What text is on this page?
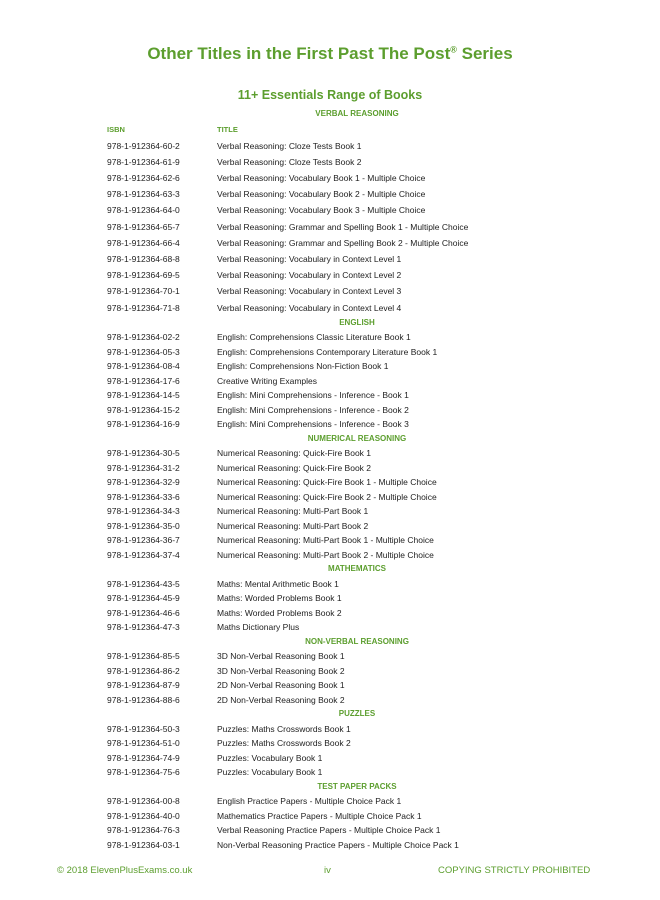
Other Titles in the First Past The Post® Series
11+ Essentials Range of Books
VERBAL REASONING
ISBN	TITLE
978-1-912364-60-2	Verbal Reasoning: Cloze Tests Book 1
978-1-912364-61-9	Verbal Reasoning: Cloze Tests Book 2
978-1-912364-62-6	Verbal Reasoning: Vocabulary Book 1 - Multiple Choice
978-1-912364-63-3	Verbal Reasoning: Vocabulary Book 2 - Multiple Choice
978-1-912364-64-0	Verbal Reasoning: Vocabulary Book 3 - Multiple Choice
978-1-912364-65-7	Verbal Reasoning: Grammar and Spelling Book 1 - Multiple Choice
978-1-912364-66-4	Verbal Reasoning: Grammar and Spelling Book 2 - Multiple Choice
978-1-912364-68-8	Verbal Reasoning: Vocabulary in Context Level 1
978-1-912364-69-5	Verbal Reasoning: Vocabulary in Context Level 2
978-1-912364-70-1	Verbal Reasoning: Vocabulary in Context Level 3
978-1-912364-71-8	Verbal Reasoning: Vocabulary in Context Level 4
ENGLISH
978-1-912364-02-2	English: Comprehensions Classic Literature Book 1
978-1-912364-05-3	English: Comprehensions Contemporary Literature Book 1
978-1-912364-08-4	English: Comprehensions Non-Fiction Book 1
978-1-912364-17-6	Creative Writing Examples
978-1-912364-14-5	English: Mini Comprehensions - Inference - Book 1
978-1-912364-15-2	English: Mini Comprehensions - Inference - Book 2
978-1-912364-16-9	English: Mini Comprehensions - Inference - Book 3
NUMERICAL REASONING
978-1-912364-30-5	Numerical Reasoning: Quick-Fire Book 1
978-1-912364-31-2	Numerical Reasoning: Quick-Fire Book 2
978-1-912364-32-9	Numerical Reasoning: Quick-Fire Book 1 - Multiple Choice
978-1-912364-33-6	Numerical Reasoning: Quick-Fire Book 2 - Multiple Choice
978-1-912364-34-3	Numerical Reasoning: Multi-Part Book 1
978-1-912364-35-0	Numerical Reasoning: Multi-Part Book 2
978-1-912364-36-7	Numerical Reasoning: Multi-Part Book 1 - Multiple Choice
978-1-912364-37-4	Numerical Reasoning: Multi-Part Book 2 - Multiple Choice
MATHEMATICS
978-1-912364-43-5	Maths: Mental Arithmetic Book 1
978-1-912364-45-9	Maths: Worded Problems Book 1
978-1-912364-46-6	Maths: Worded Problems Book 2
978-1-912364-47-3	Maths Dictionary Plus
NON-VERBAL REASONING
978-1-912364-85-5	3D Non-Verbal Reasoning Book 1
978-1-912364-86-2	3D Non-Verbal Reasoning Book 2
978-1-912364-87-9	2D Non-Verbal Reasoning Book 1
978-1-912364-88-6	2D Non-Verbal Reasoning Book 2
PUZZLES
978-1-912364-50-3	Puzzles: Maths Crosswords Book 1
978-1-912364-51-0	Puzzles: Maths Crosswords Book 2
978-1-912364-74-9	Puzzles: Vocabulary Book 1
978-1-912364-75-6	Puzzles: Vocabulary Book 1
TEST PAPER PACKS
978-1-912364-00-8	English Practice Papers - Multiple Choice Pack 1
978-1-912364-40-0	Mathematics Practice Papers - Multiple Choice Pack 1
978-1-912364-76-3	Verbal Reasoning Practice Papers - Multiple Choice Pack 1
978-1-912364-03-1	Non-Verbal Reasoning Practice Papers - Multiple Choice Pack 1
© 2018 ElevenPlusExams.co.uk	iv	COPYING STRICTLY PROHIBITED
